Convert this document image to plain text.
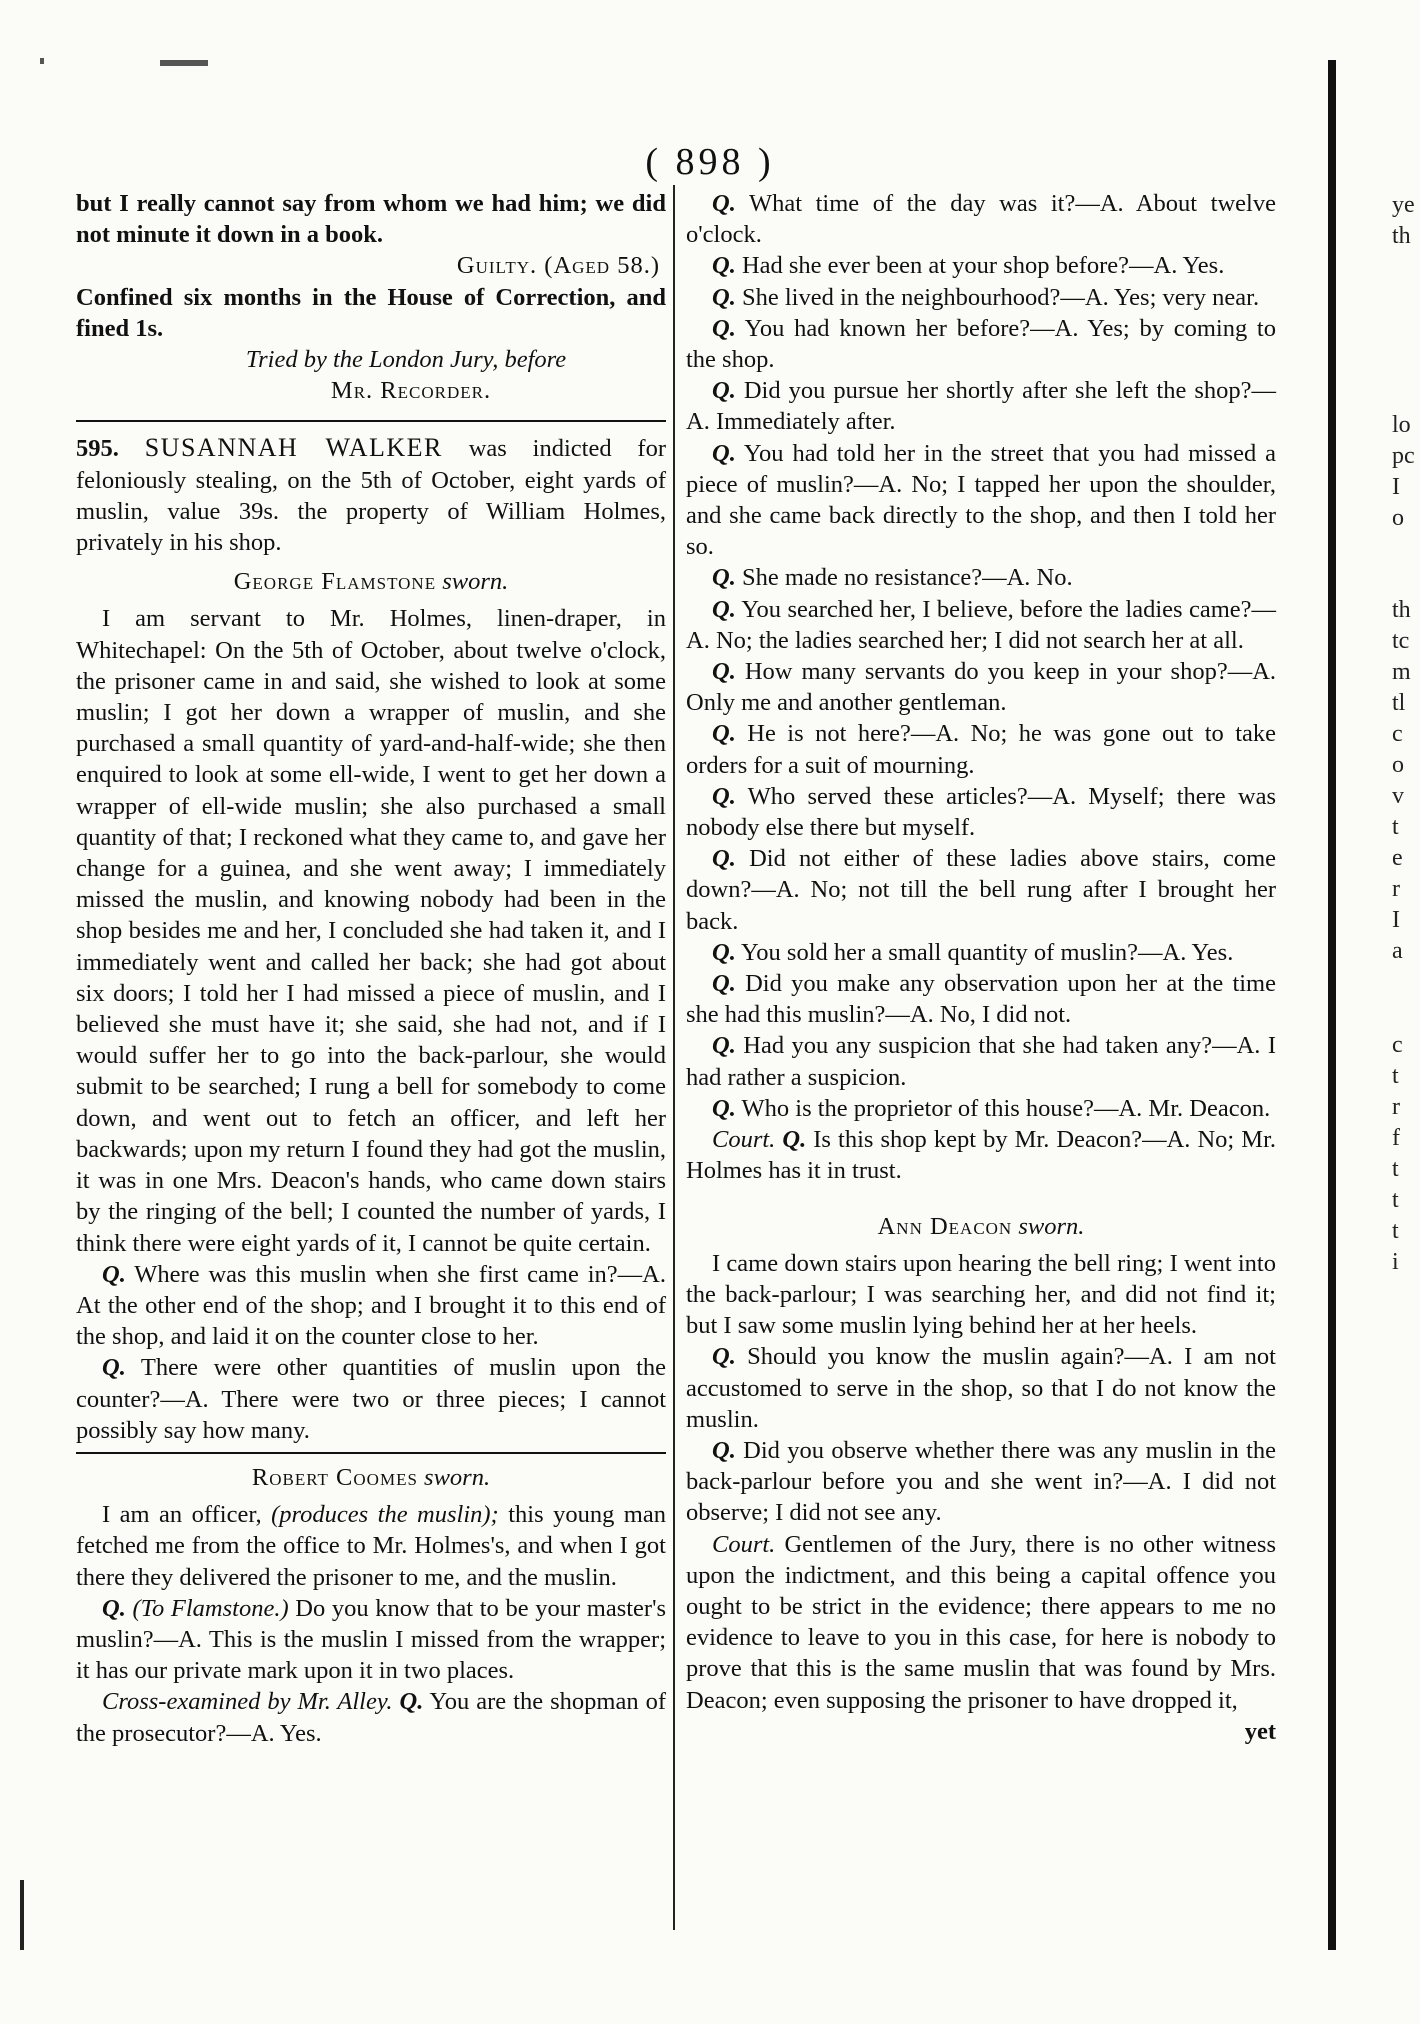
( 898 )

but I really cannot say from whom we had him; we did not minute it down in a book.

Guilty. (Aged 58.)

Confined six months in the House of Correction, and fined 1s.

Tried by the London Jury, before

Mr. Recorder.

595. SUSANNAH WALKER was indicted for feloniously stealing, on the 5th of October, eight yards of muslin, value 39s. the property of William Holmes, privately in his shop.

George Flamstone sworn.

I am servant to Mr. Holmes, linen-draper, in Whitechapel: On the 5th of October, about twelve o'clock, the prisoner came in and said, she wished to look at some muslin; I got her down a wrapper of muslin, and she purchased a small quantity of yard-and-half-wide; she then enquired to look at some ell-wide, I went to get her down a wrapper of ell-wide muslin; she also purchased a small quantity of that; I reckoned what they came to, and gave her change for a guinea, and she went away; I immediately missed the muslin, and knowing nobody had been in the shop besides me and her, I concluded she had taken it, and I immediately went and called her back; she had got about six doors; I told her I had missed a piece of muslin, and I believed she must have it; she said, she had not, and if I would suffer her to go into the back-parlour, she would submit to be searched; I rung a bell for somebody to come down, and went out to fetch an officer, and left her backwards; upon my return I found they had got the muslin, it was in one Mrs. Deacon's hands, who came down stairs by the ringing of the bell; I counted the number of yards, I think there were eight yards of it, I cannot be quite certain.

Q. Where was this muslin when she first came in?—A. At the other end of the shop; and I brought it to this end of the shop, and laid it on the counter close to her.

Q. There were other quantities of muslin upon the counter?—A. There were two or three pieces; I cannot possibly say how many.

Robert Coomes sworn.

I am an officer, (produces the muslin); this young man fetched me from the office to Mr. Holmes's, and when I got there they delivered the prisoner to me, and the muslin.

Q. (To Flamstone.) Do you know that to be your master's muslin?—A. This is the muslin I missed from the wrapper; it has our private mark upon it in two places.

Cross-examined by Mr. Alley. Q. You are the shopman of the prosecutor?—A. Yes.

Q. What time of the day was it?—A. About twelve o'clock.

Q. Had she ever been at your shop before?—A. Yes.

Q. She lived in the neighbourhood?—A. Yes; very near.

Q. You had known her before?—A. Yes; by coming to the shop.

Q. Did you pursue her shortly after she left the shop?—A. Immediately after.

Q. You had told her in the street that you had missed a piece of muslin?—A. No; I tapped her upon the shoulder, and she came back directly to the shop, and then I told her so.

Q. She made no resistance?—A. No.

Q. You searched her, I believe, before the ladies came?—A. No; the ladies searched her; I did not search her at all.

Q. How many servants do you keep in your shop?—A. Only me and another gentleman.

Q. He is not here?—A. No; he was gone out to take orders for a suit of mourning.

Q. Who served these articles?—A. Myself; there was nobody else there but myself.

Q. Did not either of these ladies above stairs, come down?—A. No; not till the bell rung after I brought her back.

Q. You sold her a small quantity of muslin?—A. Yes.

Q. Did you make any observation upon her at the time she had this muslin?—A. No, I did not.

Q. Had you any suspicion that she had taken any?—A. I had rather a suspicion.

Q. Who is the proprietor of this house?—A. Mr. Deacon.

Court. Q. Is this shop kept by Mr. Deacon?—A. No; Mr. Holmes has it in trust.

Ann Deacon sworn.

I came down stairs upon hearing the bell ring; I went into the back-parlour; I was searching her, and did not find it; but I saw some muslin lying behind her at her heels.

Q. Should you know the muslin again?—A. I am not accustomed to serve in the shop, so that I do not know the muslin.

Q. Did you observe whether there was any muslin in the back-parlour before you and she went in?—A. I did not observe; I did not see any.

Court. Gentlemen of the Jury, there is no other witness upon the indictment, and this being a capital offence you ought to be strict in the evidence; there appears to me no evidence to leave to you in this case, for here is nobody to prove that this is the same muslin that was found by Mrs. Deacon; even supposing the prisoner to have dropped it,

yet

ye
th
lo
pc
I
o
th
tc
m
tl
c
o
v
t
e
r
I
a
c
t
r
f
t
t
t
i
